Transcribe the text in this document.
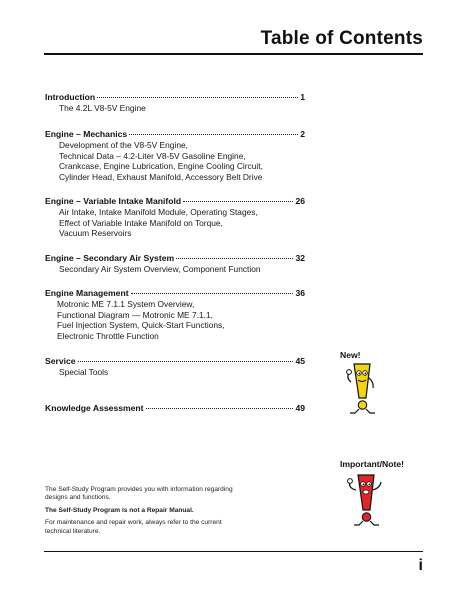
Table of Contents
Introduction	1
The 4.2L V8-5V Engine
Engine – Mechanics	2
Development of the V8-5V Engine,
Technical Data – 4.2-Liter V8-5V Gasoline Engine,
Crankcase, Engine Lubrication, Engine Cooling Circuit,
Cylinder Head, Exhaust Manifold, Accessory Belt Drive
Engine – Variable Intake Manifold	26
Air Intake, Intake Manifold Module, Operating Stages,
Effect of Variable Intake Manifold on Torque,
Vacuum Reservoirs
Engine – Secondary Air System	32
Secondary Air System Overview, Component Function
Engine Management	36
Motronic ME 7.1.1 System Overview,
Functional Diagram — Motronic ME 7.1.1,
Fuel Injection System, Quick-Start Functions,
Electronic Throttle Function
Service	45
Special Tools
Knowledge Assessment	49
New!
Important/Note!

The Self-Study Program provides you with information regarding designs and functions.

The Self-Study Program is not a Repair Manual.

For maintenance and repair work, always refer to the current technical literature.

i
